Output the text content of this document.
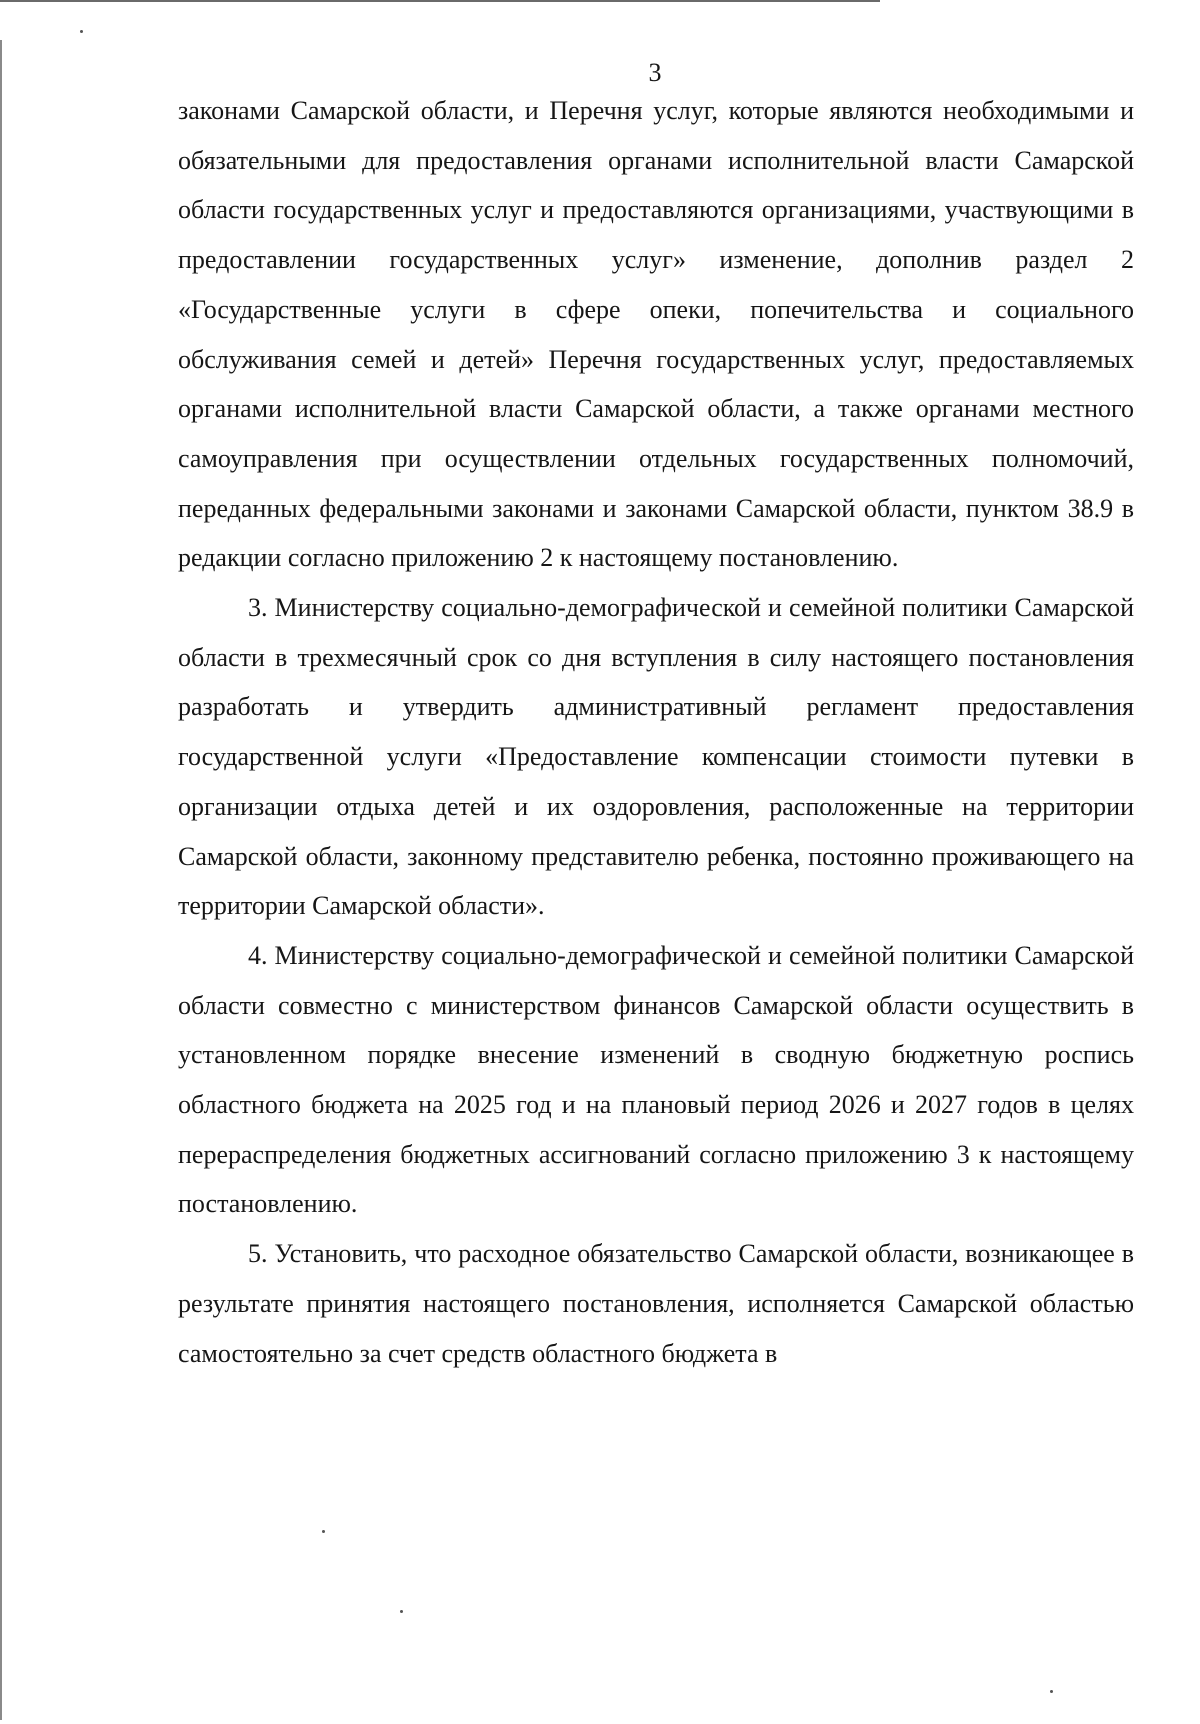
3

законами Самарской области, и Перечня услуг, которые являются необходимыми и обязательными для предоставления органами исполнительной власти Самарской области государственных услуг и предоставляются организациями, участвующими в предоставлении государственных услуг» изменение, дополнив раздел 2 «Государственные услуги в сфере опеки, попечительства и социального обслуживания семей и детей» Перечня государственных услуг, предоставляемых органами исполнительной власти Самарской области, а также органами местного самоуправления при осуществлении отдельных государственных полномочий, переданных федеральными законами и законами Самарской области, пунктом 38.9 в редакции согласно приложению 2 к настоящему постановлению.

3. Министерству социально-демографической и семейной политики Самарской области в трехмесячный срок со дня вступления в силу настоящего постановления разработать и утвердить административный регламент предоставления государственной услуги «Предоставление компенсации стоимости путевки в организации отдыха детей и их оздоровления, расположенные на территории Самарской области, законному представителю ребенка, постоянно проживающего на территории Самарской области».

4. Министерству социально-демографической и семейной политики Самарской области совместно с министерством финансов Самарской области осуществить в установленном порядке внесение изменений в сводную бюджетную роспись областного бюджета на 2025 год и на плановый период 2026 и 2027 годов в целях перераспределения бюджетных ассигнований согласно приложению 3 к настоящему постановлению.

5. Установить, что расходное обязательство Самарской области, возникающее в результате принятия настоящего постановления, исполняется Самарской областью самостоятельно за счет средств областного бюджета в
